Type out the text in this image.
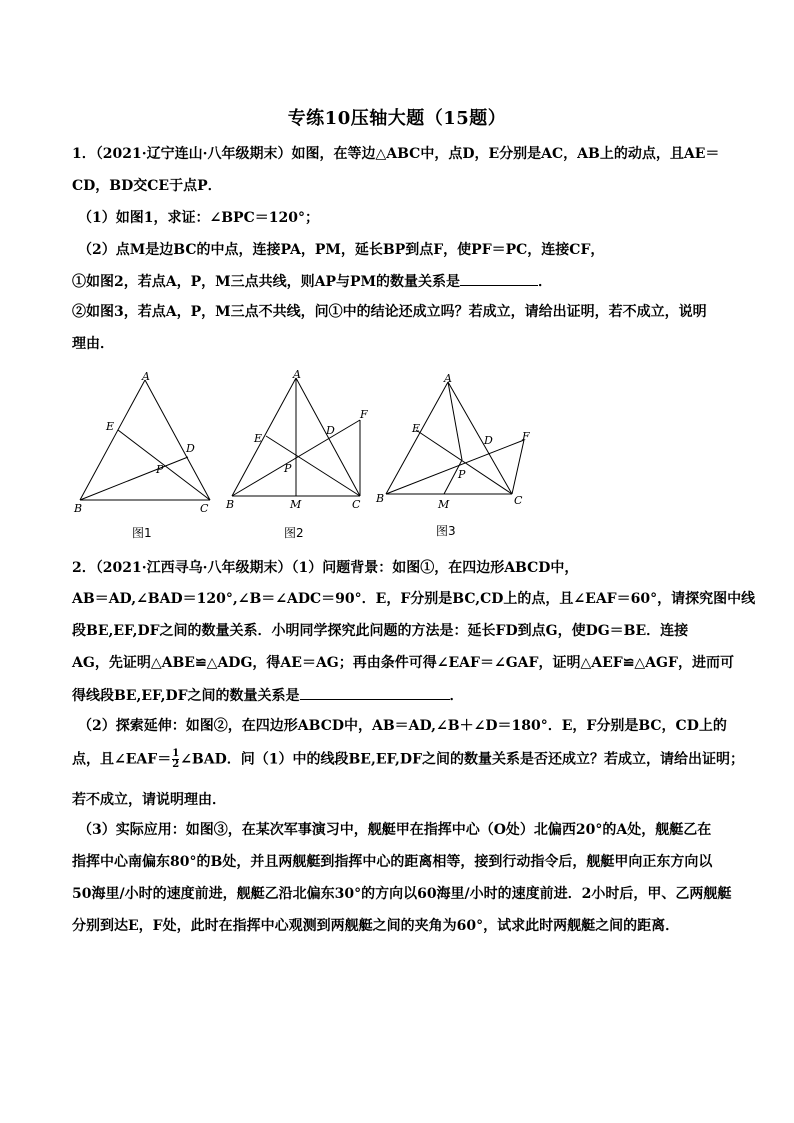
专练10压轴大题（15题）
1．（2021·辽宁连山·八年级期末）如图，在等边△ABC中，点D，E分别是AC，AB上的动点，且AE＝
CD，BD交CE于点P．
（1）如图1，求证：∠BPC＝120°；
（2）点M是边BC的中点，连接PA，PM，延长BP到点F，使PF＝PC，连接CF，
①如图2，若点A，P，M三点共线，则AP与PM的数量关系是	．
②如图3，若点A，P，M三点不共线，问①中的结论还成立吗？若成立，请给出证明，若不成立，说明
理由．
A
B	C
D
E
P
图1
A
B	C
D
E
F
P
M
图2
A
B	C
D
E
F
P
M
图3
2．（2021·江西寻乌·八年级期末）（1）问题背景：如图①，在四边形ABCD中，
AB＝AD,∠BAD＝120°,∠B＝∠ADC＝90°．E，F分别是BC,CD上的点，且∠EAF＝60°，请探究图中线
段BE,EF,DF之间的数量关系．小明同学探究此问题的方法是：延长FD到点G，使DG＝BE．连接
AG，先证明△ABE≌△ADG，得AE＝AG；再由条件可得∠EAF＝∠GAF，证明△AEF≌△AGF，进而可
得线段BE,EF,DF之间的数量关系是	．
（2）探索延伸：如图②，在四边形ABCD中，AB＝AD,∠B＋∠D＝180°．E，F分别是BC，CD上的
点，且∠EAF＝ $\frac{1}{2}$ ∠BAD．问（1）中的线段BE,EF,DF之间的数量关系是否还成立？若成立，请给出证明；
若不成立，请说明理由．
（3）实际应用：如图③，在某次军事演习中，舰艇甲在指挥中心（O处）北偏西20°的A处，舰艇乙在
指挥中心南偏东80°的B处，并且两舰艇到指挥中心的距离相等，接到行动指令后，舰艇甲向正东方向以
50海里/小时的速度前进，舰艇乙沿北偏东30°的方向以60海里/小时的速度前进．2小时后，甲、乙两舰艇
分别到达E，F处，此时在指挥中心观测到两舰艇之间的夹角为60°，试求此时两舰艇之间的距离．
